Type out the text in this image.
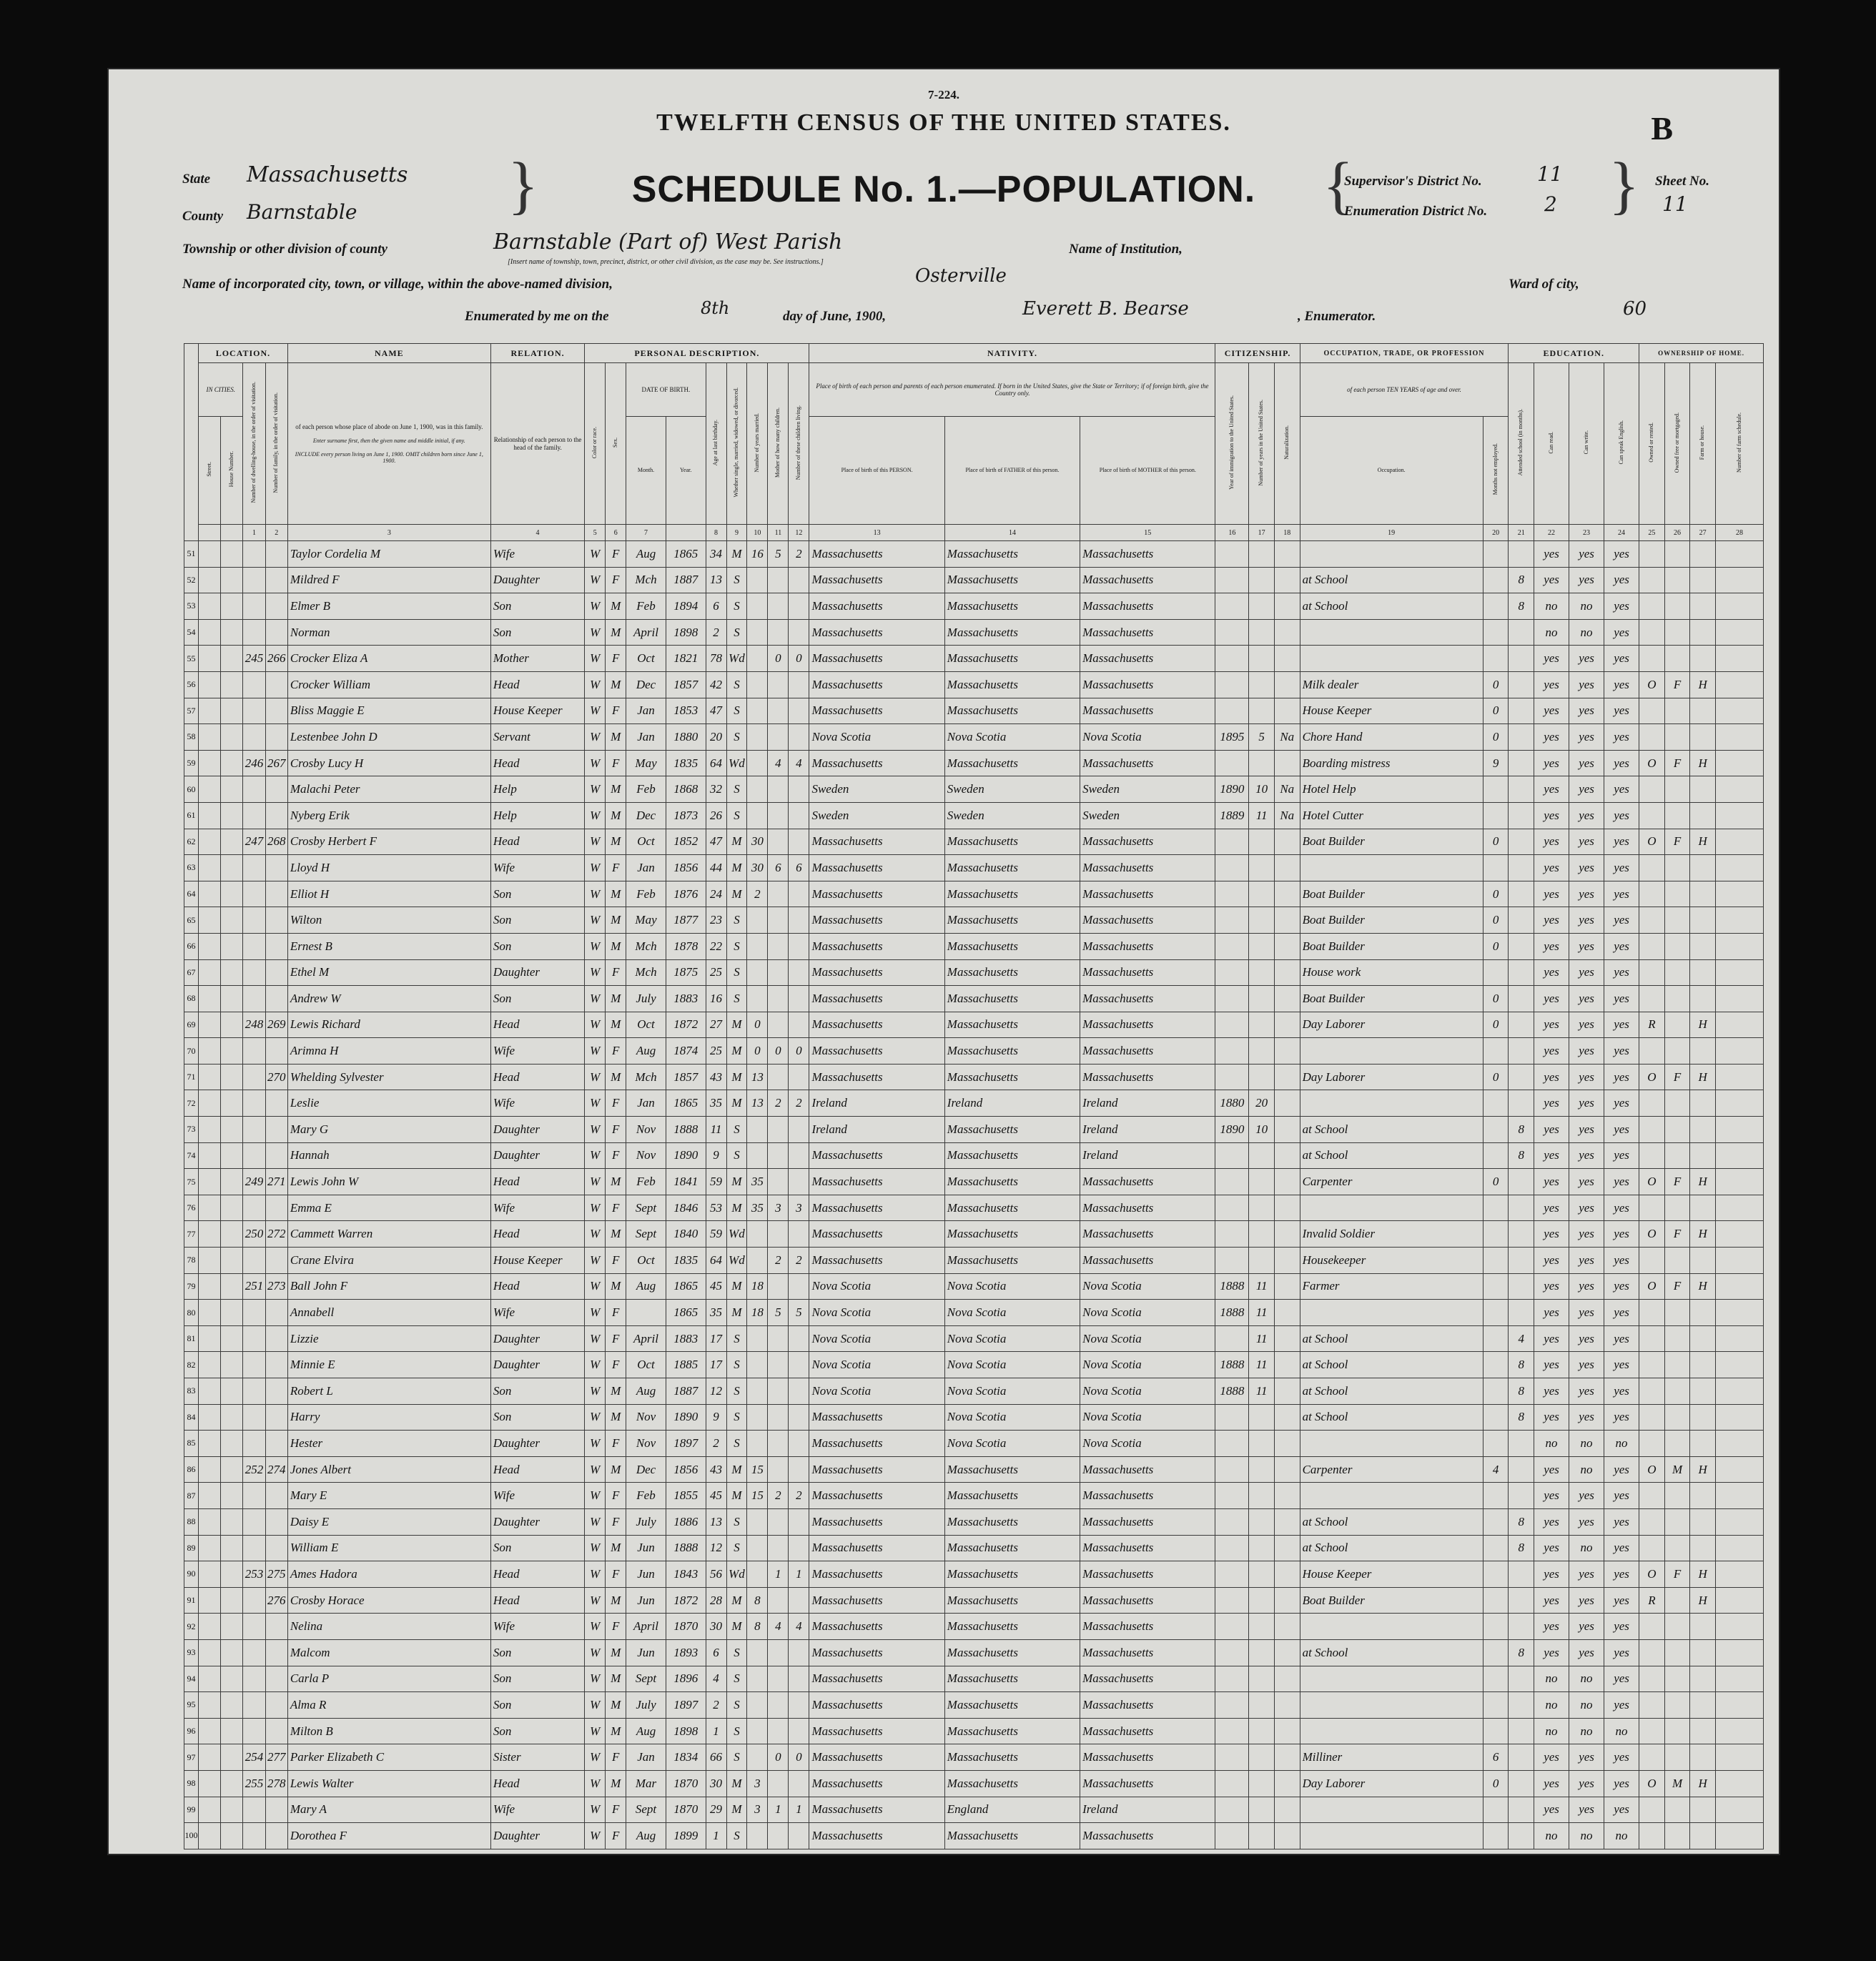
7-224.
TWELFTH CENSUS OF THE UNITED STATES.	B
SCHEDULE No. 1.—POPULATION.
State Massachusetts
County Barnstable }
Township or other division of county	Barnstable (Part of) West Parish
[Insert name of township, town, precinct, district, or other civil division, as the case may be. See instructions.]
Name of Institution,
Name of incorporated city, town, or village, within the above-named division,	Osterville	Ward of city,
Enumerated by me on the	8th	day of June, 1900,	Everett B. Bearse	, Enumerator.	60
{
Supervisor's District No.	11
Enumeration District No.	2 } Sheet No.
11
	LOCATION.				NAME	RELATION.	PERSONAL DESCRIPTION.									NATIVITY.			CITIZENSHIP.			OCCUPATION, TRADE, OR PROFESSION		EDUCATION.				OWNERSHIP OF HOME.			
	IN CITIES.		Number of dwelling-house, in the order of visitation.	Number of family, in the order of visitation.	of each person whose place of abode on June 1, 1900, was in this family.
Enter surname first, then the given name and middle initial, if any.
INCLUDE every person living on June 1, 1900. OMIT children born since June 1, 1900.	Relationship of each person to the head of the family.	Color or race.	Sex.	DATE OF BIRTH.		Age at last birthday.	Whether single, married, widowed, or divorced.	Number of years married.	Mother of how many children.	Number of these children living.	Place of birth of each person and parents of each person enumerated. If born in the United States, give the State or Territory; if of foreign birth, give the Country only.			Year of immigration to the United States.	Number of years in the United States.	Naturalization.	of each person TEN YEARS of age and over.		Attended school (in months).	Can read.	Can write.	Can speak English.	Owned or rented.	Owned free or mortgaged.	Farm or house.	Number of farm schedule.
	Street.	House Number.							Month.	Year.						Place of birth of this PERSON.	Place of birth of FATHER of this person.	Place of birth of MOTHER of this person.				Occupation.	Months not employed.								
			1	2	3	4	5	6	7		8	9	10	11	12	13	14	15	16	17	18	19	20	21	22	23	24	25	26	27	28
51					Taylor Cordelia M	Wife	W	F	Aug	1865	34	M	16	5	2	Massachusetts	Massachusetts	Massachusetts							yes	yes	yes				
52					Mildred F	Daughter	W	F	Mch	1887	13	S				Massachusetts	Massachusetts	Massachusetts				at School		8	yes	yes	yes				
53					Elmer B	Son	W	M	Feb	1894	6	S				Massachusetts	Massachusetts	Massachusetts				at School		8	no	no	yes				
54					Norman	Son	W	M	April	1898	2	S				Massachusetts	Massachusetts	Massachusetts							no	no	yes				
55			245	266	Crocker Eliza A	Mother	W	F	Oct	1821	78	Wd		0	0	Massachusetts	Massachusetts	Massachusetts							yes	yes	yes				
56					Crocker William	Head	W	M	Dec	1857	42	S				Massachusetts	Massachusetts	Massachusetts				Milk dealer	0		yes	yes	yes	O	F	H	
57					Bliss Maggie E	House Keeper	W	F	Jan	1853	47	S				Massachusetts	Massachusetts	Massachusetts				House Keeper	0		yes	yes	yes				
58					Lestenbee John D	Servant	W	M	Jan	1880	20	S				Nova Scotia	Nova Scotia	Nova Scotia	1895	5	Na	Chore Hand	0		yes	yes	yes				
59			246	267	Crosby Lucy H	Head	W	F	May	1835	64	Wd		4	4	Massachusetts	Massachusetts	Massachusetts				Boarding mistress	9		yes	yes	yes	O	F	H	
60					Malachi Peter	Help	W	M	Feb	1868	32	S				Sweden	Sweden	Sweden	1890	10	Na	Hotel Help			yes	yes	yes				
61					Nyberg Erik	Help	W	M	Dec	1873	26	S				Sweden	Sweden	Sweden	1889	11	Na	Hotel Cutter			yes	yes	yes				
62			247	268	Crosby Herbert F	Head	W	M	Oct	1852	47	M	30			Massachusetts	Massachusetts	Massachusetts				Boat Builder	0		yes	yes	yes	O	F	H	
63					Lloyd H	Wife	W	F	Jan	1856	44	M	30	6	6	Massachusetts	Massachusetts	Massachusetts							yes	yes	yes				
64					Elliot H	Son	W	M	Feb	1876	24	M	2			Massachusetts	Massachusetts	Massachusetts				Boat Builder	0		yes	yes	yes				
65					Wilton	Son	W	M	May	1877	23	S				Massachusetts	Massachusetts	Massachusetts				Boat Builder	0		yes	yes	yes				
66					Ernest B	Son	W	M	Mch	1878	22	S				Massachusetts	Massachusetts	Massachusetts				Boat Builder	0		yes	yes	yes				
67					Ethel M	Daughter	W	F	Mch	1875	25	S				Massachusetts	Massachusetts	Massachusetts				House work			yes	yes	yes				
68					Andrew W	Son	W	M	July	1883	16	S				Massachusetts	Massachusetts	Massachusetts				Boat Builder	0		yes	yes	yes				
69			248	269	Lewis Richard	Head	W	M	Oct	1872	27	M	0			Massachusetts	Massachusetts	Massachusetts				Day Laborer	0		yes	yes	yes	R		H	
70					Arimna H	Wife	W	F	Aug	1874	25	M	0	0	0	Massachusetts	Massachusetts	Massachusetts							yes	yes	yes				
71				270	Whelding Sylvester	Head	W	M	Mch	1857	43	M	13			Massachusetts	Massachusetts	Massachusetts				Day Laborer	0		yes	yes	yes	O	F	H	
72					Leslie	Wife	W	F	Jan	1865	35	M	13	2	2	Ireland	Ireland	Ireland	1880	20					yes	yes	yes				
73					Mary G	Daughter	W	F	Nov	1888	11	S				Ireland	Massachusetts	Ireland	1890	10		at School		8	yes	yes	yes				
74					Hannah	Daughter	W	F	Nov	1890	9	S				Massachusetts	Massachusetts	Ireland				at School		8	yes	yes	yes				
75			249	271	Lewis John W	Head	W	M	Feb	1841	59	M	35			Massachusetts	Massachusetts	Massachusetts				Carpenter	0		yes	yes	yes	O	F	H	
76					Emma E	Wife	W	F	Sept	1846	53	M	35	3	3	Massachusetts	Massachusetts	Massachusetts							yes	yes	yes				
77			250	272	Cammett Warren	Head	W	M	Sept	1840	59	Wd				Massachusetts	Massachusetts	Massachusetts				Invalid Soldier			yes	yes	yes	O	F	H	
78					Crane Elvira	House Keeper	W	F	Oct	1835	64	Wd		2	2	Massachusetts	Massachusetts	Massachusetts				Housekeeper			yes	yes	yes				
79			251	273	Ball John F	Head	W	M	Aug	1865	45	M	18			Nova Scotia	Nova Scotia	Nova Scotia	1888	11		Farmer			yes	yes	yes	O	F	H	
80					Annabell	Wife	W	F		1865	35	M	18	5	5	Nova Scotia	Nova Scotia	Nova Scotia	1888	11					yes	yes	yes				
81					Lizzie	Daughter	W	F	April	1883	17	S				Nova Scotia	Nova Scotia	Nova Scotia		11		at School		4	yes	yes	yes				
82					Minnie E	Daughter	W	F	Oct	1885	17	S				Nova Scotia	Nova Scotia	Nova Scotia	1888	11		at School		8	yes	yes	yes				
83					Robert L	Son	W	M	Aug	1887	12	S				Nova Scotia	Nova Scotia	Nova Scotia	1888	11		at School		8	yes	yes	yes				
84					Harry	Son	W	M	Nov	1890	9	S				Massachusetts	Nova Scotia	Nova Scotia				at School		8	yes	yes	yes				
85					Hester	Daughter	W	F	Nov	1897	2	S				Massachusetts	Nova Scotia	Nova Scotia							no	no	no				
86			252	274	Jones Albert	Head	W	M	Dec	1856	43	M	15			Massachusetts	Massachusetts	Massachusetts				Carpenter	4		yes	no	yes	O	M	H	
87					Mary E	Wife	W	F	Feb	1855	45	M	15	2	2	Massachusetts	Massachusetts	Massachusetts							yes	yes	yes				
88					Daisy E	Daughter	W	F	July	1886	13	S				Massachusetts	Massachusetts	Massachusetts				at School		8	yes	yes	yes				
89					William E	Son	W	M	Jun	1888	12	S				Massachusetts	Massachusetts	Massachusetts				at School		8	yes	no	yes				
90			253	275	Ames Hadora	Head	W	F	Jun	1843	56	Wd		1	1	Massachusetts	Massachusetts	Massachusetts				House Keeper			yes	yes	yes	O	F	H	
91				276	Crosby Horace	Head	W	M	Jun	1872	28	M	8			Massachusetts	Massachusetts	Massachusetts				Boat Builder			yes	yes	yes	R		H	
92					Nelina	Wife	W	F	April	1870	30	M	8	4	4	Massachusetts	Massachusetts	Massachusetts							yes	yes	yes				
93					Malcom	Son	W	M	Jun	1893	6	S				Massachusetts	Massachusetts	Massachusetts				at School		8	yes	yes	yes				
94					Carla P	Son	W	M	Sept	1896	4	S				Massachusetts	Massachusetts	Massachusetts							no	no	yes				
95					Alma R	Son	W	M	July	1897	2	S				Massachusetts	Massachusetts	Massachusetts							no	no	yes				
96					Milton B	Son	W	M	Aug	1898	1	S				Massachusetts	Massachusetts	Massachusetts							no	no	no				
97			254	277	Parker Elizabeth C	Sister	W	F	Jan	1834	66	S		0	0	Massachusetts	Massachusetts	Massachusetts				Milliner	6		yes	yes	yes				
98			255	278	Lewis Walter	Head	W	M	Mar	1870	30	M	3			Massachusetts	Massachusetts	Massachusetts				Day Laborer	0		yes	yes	yes	O	M	H	
99					Mary A	Wife	W	F	Sept	1870	29	M	3	1	1	Massachusetts	England	Ireland							yes	yes	yes				
100					Dorothea F	Daughter	W	F	Aug	1899	1	S				Massachusetts	Massachusetts	Massachusetts							no	no	no				
